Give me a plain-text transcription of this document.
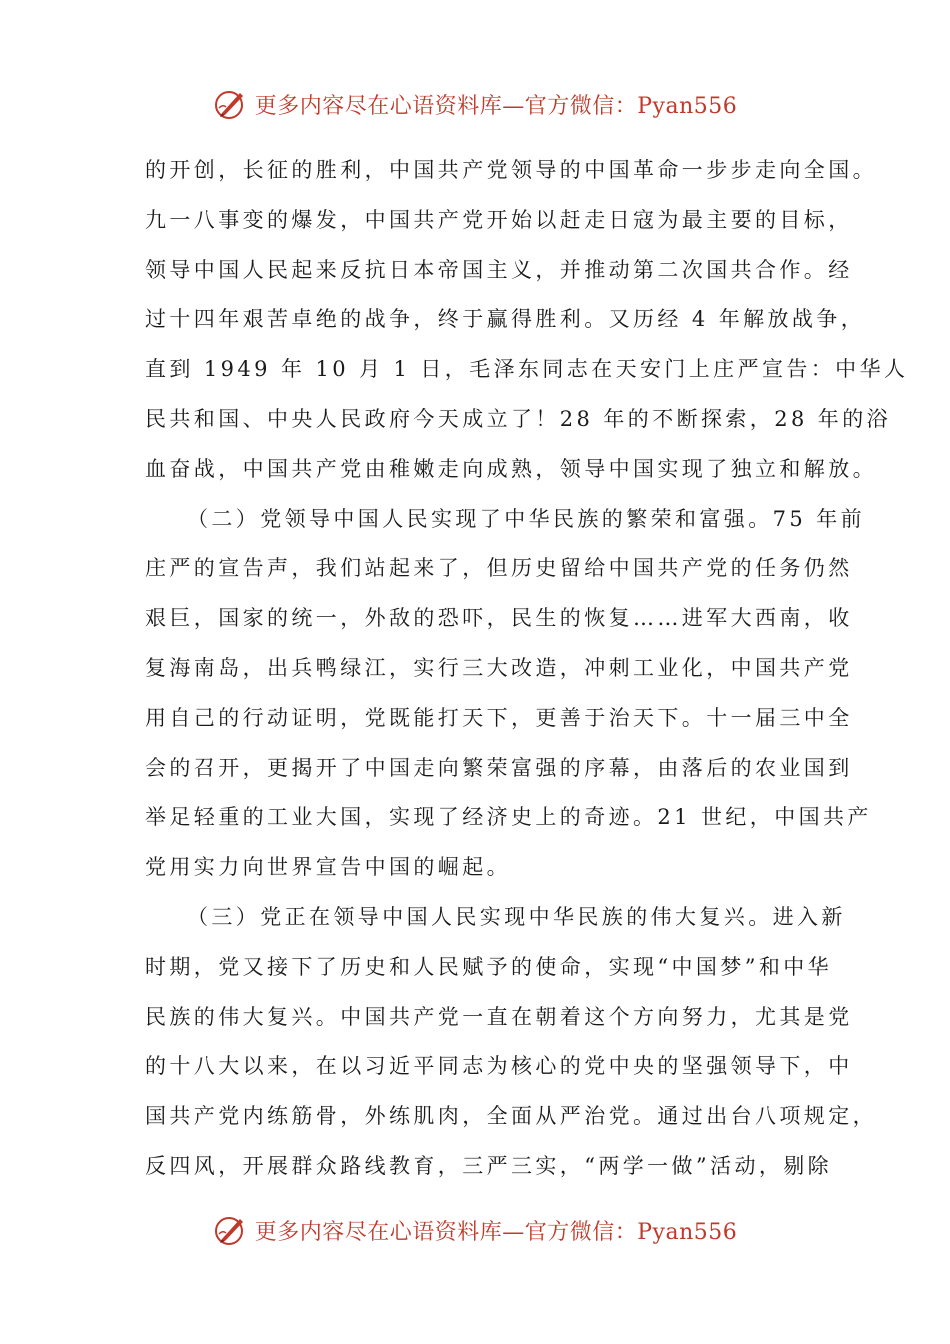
更多内容尽在心语资料库—官方微信：Pyan556
的开创，长征的胜利，中国共产党领导的中国革命一步步走向全国。
九一八事变的爆发，中国共产党开始以赶走日寇为最主要的目标，
领导中国人民起来反抗日本帝国主义，并推动第二次国共合作。经
过十四年艰苦卓绝的战争，终于赢得胜利。又历经 4 年解放战争，
直到 1949 年 10 月 1 日，毛泽东同志在天安门上庄严宣告：中华人
民共和国、中央人民政府今天成立了！28 年的不断探索，28 年的浴
血奋战，中国共产党由稚嫩走向成熟，领导中国实现了独立和解放。
（二）党领导中国人民实现了中华民族的繁荣和富强。75 年前
庄严的宣告声，我们站起来了，但历史留给中国共产党的任务仍然
艰巨，国家的统一，外敌的恐吓，民生的恢复……进军大西南，收
复海南岛，出兵鸭绿江，实行三大改造，冲刺工业化，中国共产党
用自己的行动证明，党既能打天下，更善于治天下。十一届三中全
会的召开，更揭开了中国走向繁荣富强的序幕，由落后的农业国到
举足轻重的工业大国，实现了经济史上的奇迹。21 世纪，中国共产
党用实力向世界宣告中国的崛起。
（三）党正在领导中国人民实现中华民族的伟大复兴。进入新
时期，党又接下了历史和人民赋予的使命，实现“中国梦”和中华
民族的伟大复兴。中国共产党一直在朝着这个方向努力，尤其是党
的十八大以来，在以习近平同志为核心的党中央的坚强领导下，中
国共产党内练筋骨，外练肌肉，全面从严治党。通过出台八项规定，
反四风，开展群众路线教育，三严三实，“两学一做”活动，剔除
更多内容尽在心语资料库—官方微信：Pyan556
